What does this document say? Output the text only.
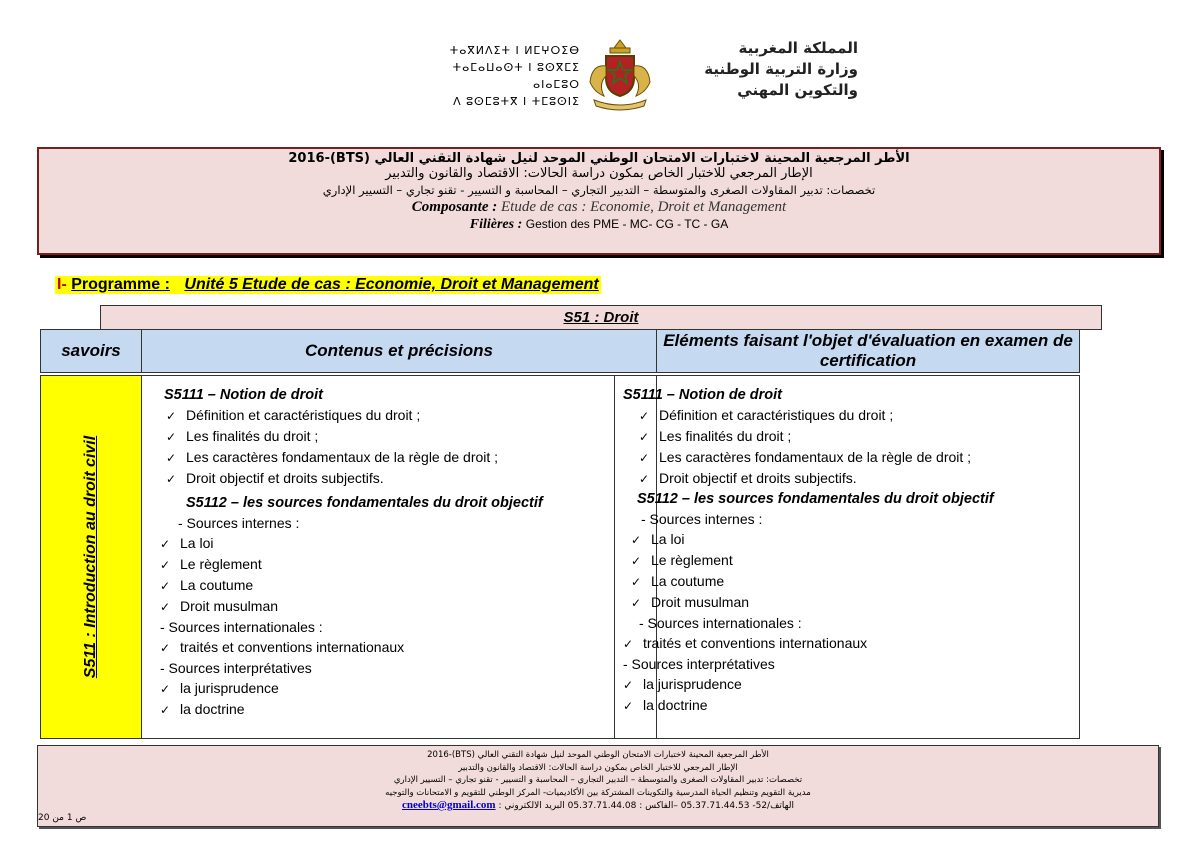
ⵜⴰⴳⵍⴷⵉⵜ ⵏ ⵍⵎⵖⵔⵉⴱ
ⵜⴰⵎⴰⵡⴰⵙⵜ ⵏ ⵓⵙⴳⵎⵉ ⴰⵏⴰⵎⵓⵔ
ⴷ ⵓⵙⵎⵓⵜⴳ ⵏ ⵜⵎⵓⵙⵏⵉ
المملكة المغربية
وزارة التربية الوطنية
والتكوين المهني
الأطر المرجعية المحينة لاختبارات الامتحان الوطني الموحد لنيل شهادة التقني العالي (BTS)-2016
الإطار المرجعي للاختبار الخاص بمكون دراسة الحالات: الاقتصاد والقانون والتدبير
تخصصات: تدبير المقاولات الصغرى والمتوسطة – التدبير التجاري – المحاسبة و التسيير - تقنو تجاري – التسيير الإداري
Composante : Etude de cas : Economie, Droit et Management
Filières : Gestion des PME - MC- CG - TC - GA
I- Programme : Unité 5 Etude de cas : Economie, Droit et Management
S51 : Droit
savoirs	Contenus et précisions
Eléments faisant l'objet d'évaluation en examen de certification
S511 : Introduction au droit civil
S5111 – Notion de droit
✓ Définition et caractéristiques du droit ;
✓ Les finalités du droit ;
✓ Les caractères fondamentaux de la règle de droit ;
✓ Droit objectif et droits subjectifs.
S5112 – les sources fondamentales du droit objectif
- Sources internes :
✓ La loi
✓ Le règlement
✓ La coutume
✓ Droit musulman
- Sources internationales :
✓ traités et conventions internationaux
- Sources interprétatives
✓ la jurisprudence
✓ la doctrine
S5111 – Notion de droit
✓ Définition et caractéristiques du droit ;
✓ Les finalités du droit ;
✓ Les caractères fondamentaux de la règle de droit ;
✓ Droit objectif et droits subjectifs.
S5112 – les sources fondamentales du droit objectif
- Sources internes :
✓ La loi
✓ Le règlement
✓ La coutume
✓ Droit musulman
- Sources internationales :
✓ traités et conventions internationaux
- Sources interprétatives
✓ la jurisprudence
✓ la doctrine
الأطر المرجعية المحينة لاختبارات الامتحان الوطني الموحد لنيل شهادة التقني العالي (BTS)-2016
الإطار المرجعي للاختبار الخاص بمكون دراسة الحالات: الاقتصاد والقانون والتدبير
تخصصات: تدبير المقاولات الصغرى والمتوسطة – التدبير التجاري – المحاسبة و التسيير - تقنو تجاري – التسيير الإداري
مديرية التقويم وتنظيم الحياة المدرسية والتكوينات المشتركة بين الأكاديميات- المركز الوطني للتقويم و الامتحانات والتوجيه
الهاتف/52- 05.37.71.44.53 –الفاكس : 05.37.71.44.08 البريد الالكتروني : cneebts@gmail.com
ص 1 من 20
